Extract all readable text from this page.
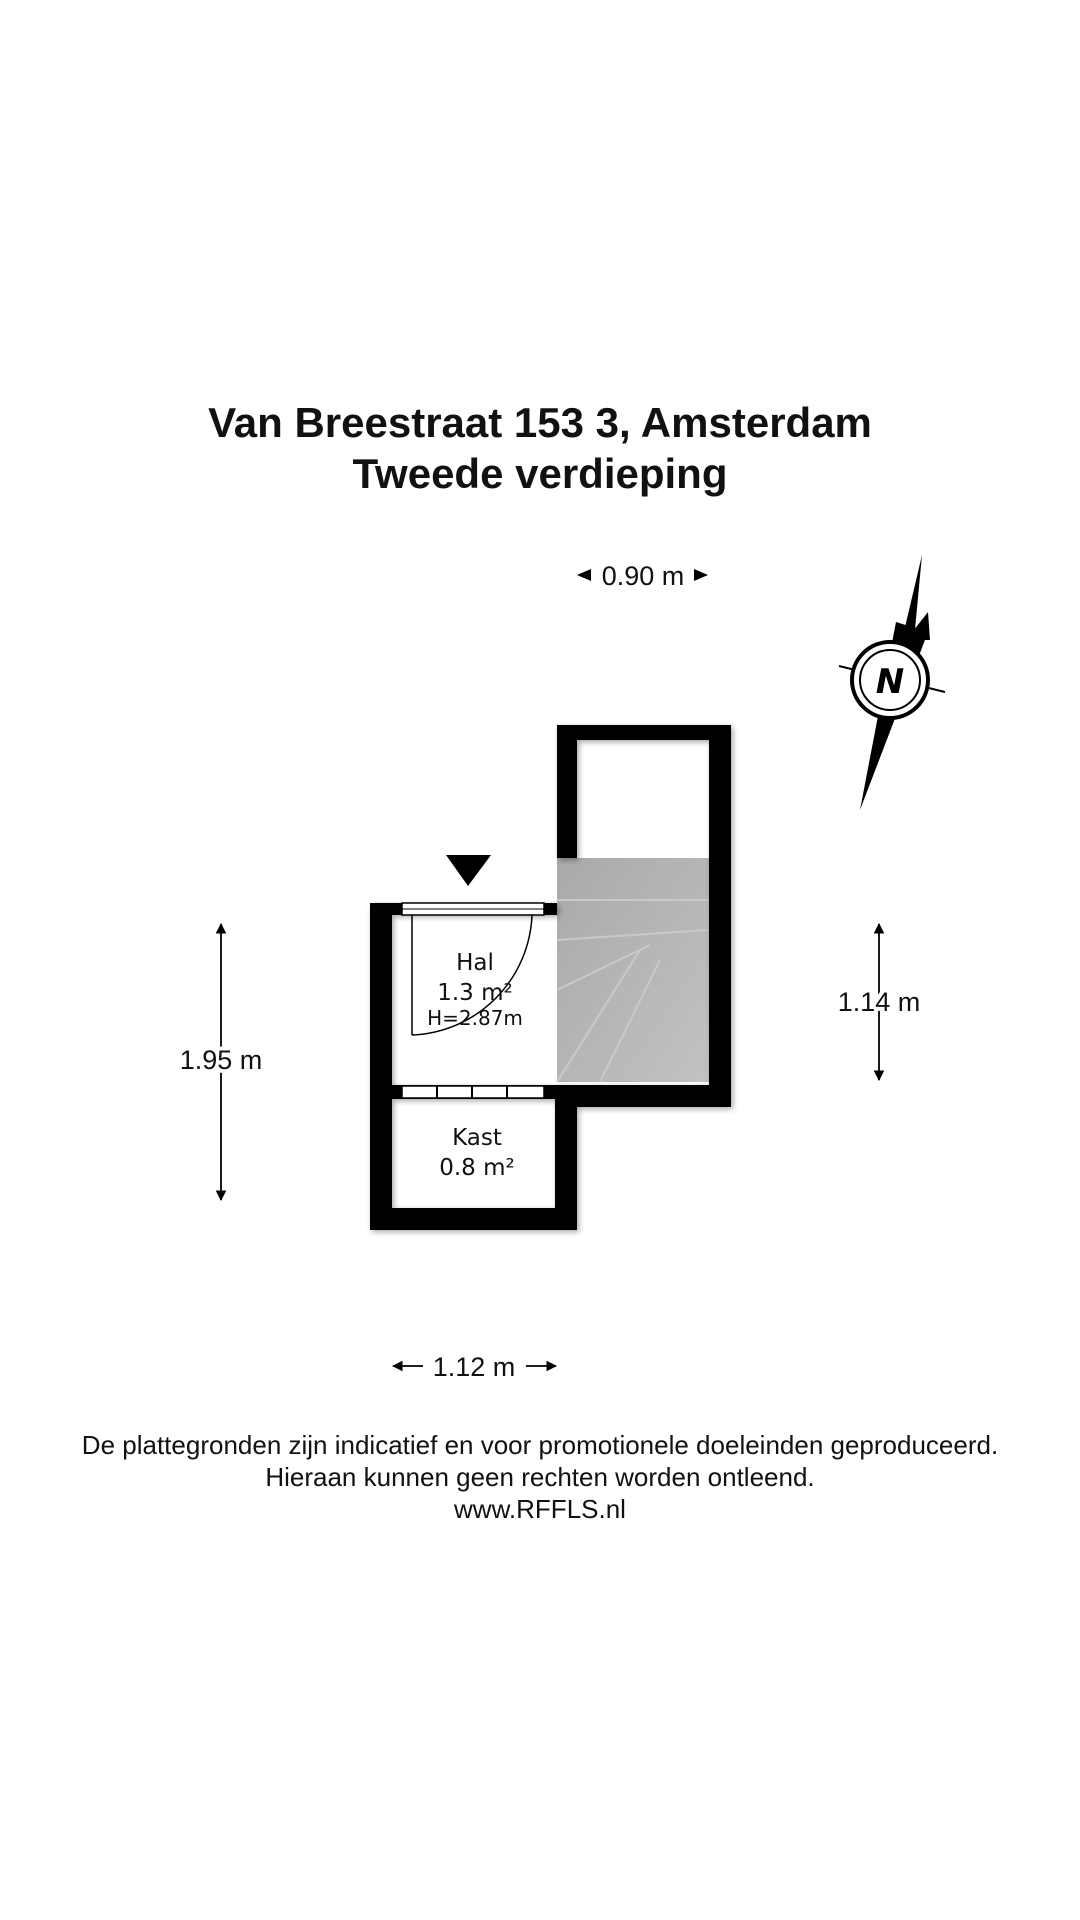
Van Breestraat 153 3, Amsterdam
Tweede verdieping
Hal
1.3 m²
H=2.87m
Kast
0.8 m²
0.90 m
1.95 m
1.14 m
1.12 m
N
De plattegronden zijn indicatief en voor promotionele doeleinden geproduceerd.
Hieraan kunnen geen rechten worden ontleend.
www.RFFLS.nl
